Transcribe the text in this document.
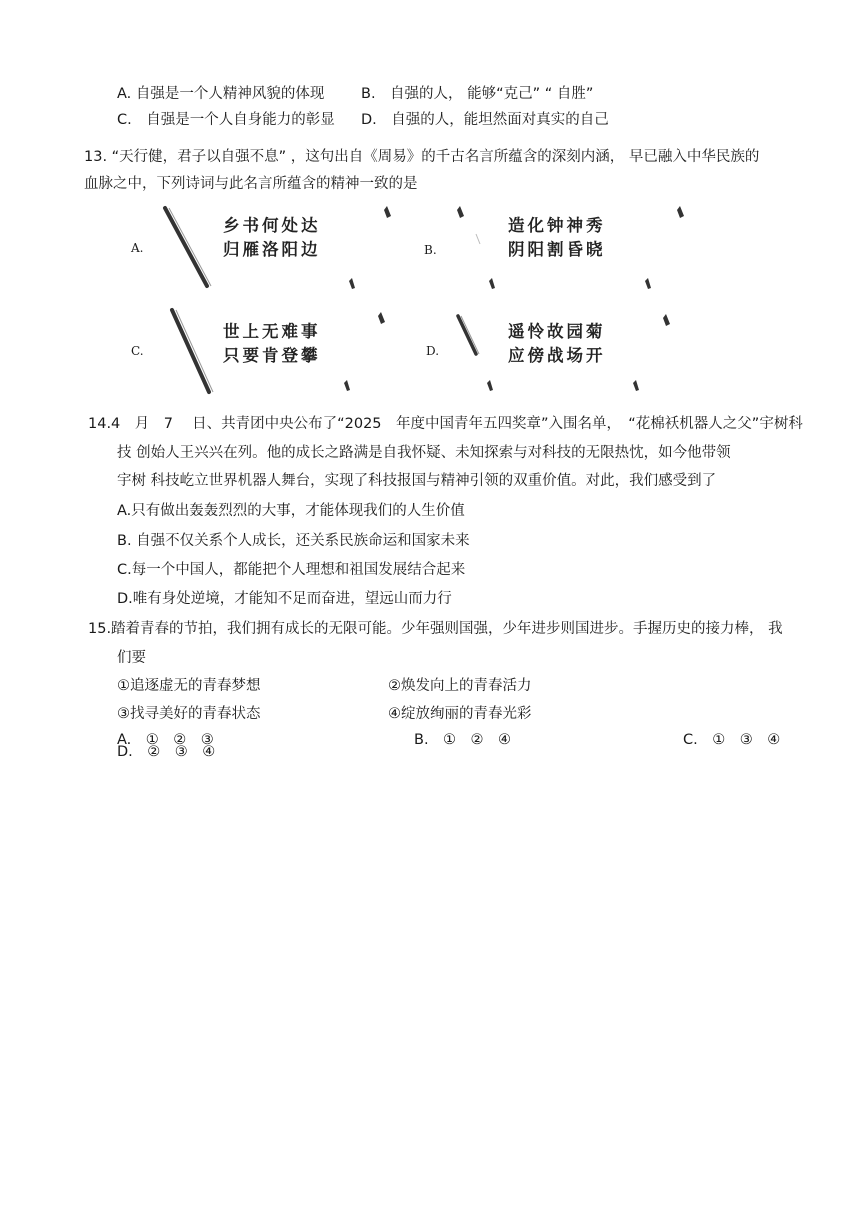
A. 自强是一个人精神风貌的体现	B.　自强的人， 能够“克己” “ 自胜”
C.　自强是一个人自身能力的彰显 D.　自强的人，能坦然面对真实的自己
13. “天行健，君子以自强不息” ，这句出自《周易》的千古名言所蕴含的深刻内涵， 早已融入中华民族的
血脉之中，下列诗词与此名言所蕴含的精神一致的是
A.
乡书何处达
归雁洛阳边	B.
造化钟神秀
阴阳割昏晓
C.
世上无难事
只要肯登攀	D.
遥怜故园菊
应傍战场开
14.4　月　7　 日、共青团中央公布了“2025　年度中国青年五四奖章”入围名单，　“花棉袄机器人之父”宇树科
技 创始人王兴兴在列。他的成长之路满是自我怀疑、未知探索与对科技的无限热忱，如今他带领
宇树 科技屹立世界机器人舞台，实现了科技报国与精神引领的双重价值。对此，我们感受到了
A.只有做出轰轰烈烈的大事，才能体现我们的人生价值
B. 自强不仅关系个人成长，还关系民族命运和国家未来
C.每一个中国人，都能把个人理想和祖国发展结合起来
D.唯有身处逆境，才能知不足而奋进，望远山而力行
15.踏着青春的节拍，我们拥有成长的无限可能。少年强则国强，少年进步则国进步。手握历史的接力棒， 我
们要
①追逐虚无的青春梦想	②焕发向上的青春活力
③找寻美好的青春状态	④绽放绚丽的青春光彩
A.　①　②　③	B.　①　②　④	C.　①　③　④
D.　②　③　④
